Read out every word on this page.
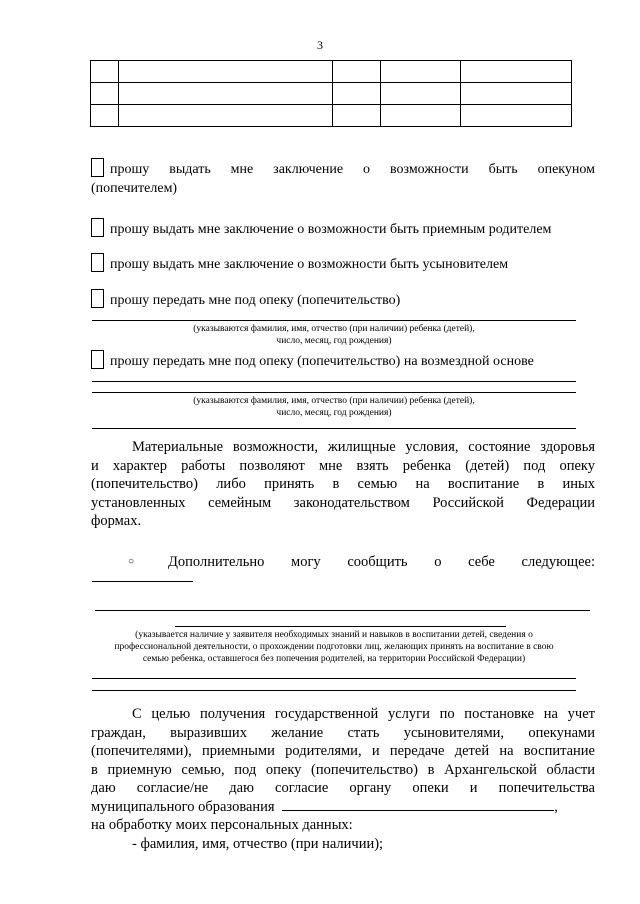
3

прошу выдать мне заключение о возможности быть опекуном
(попечителем)
прошу выдать мне заключение о возможности быть приемным родителем
прошу выдать мне заключение о возможности быть усыновителем
прошу передать мне под опеку (попечительство)
(указываются фамилия, имя, отчество (при наличии) ребенка (детей),
число, месяц, год рождения)
прошу передать мне под опеку (попечительство) на возмездной основе
(указываются фамилия, имя, отчество (при наличии) ребенка (детей),
число, месяц, год рождения)
Материальные возможности, жилищные условия, состояние здоровья
и характер работы позволяют мне взять ребенка (детей) под опеку
(попечительство) либо принять в семью на воспитание в иных
установленных семейным законодательством Российской Федерации
формах.
○	Дополнительно могу сообщить о себе следующее:
(указывается наличие у заявителя необходимых знаний и навыков в воспитании детей, сведения о
профессиональной деятельности, о прохождении подготовки лиц, желающих принять на воспитание в свою
семью ребенка, оставшегося без попечения родителей, на территории Российской Федерации)
С целью получения государственной услуги по постановке на учет
граждан, выразивших желание стать усыновителями, опекунами
(попечителями), приемными родителями, и передаче детей на воспитание
в приемную семью, под опеку (попечительство) в Архангельской области
даю согласие/не даю согласие органу опеки и попечительства
муниципального образования	,
на обработку моих персональных данных:
- фамилия, имя, отчество (при наличии);
